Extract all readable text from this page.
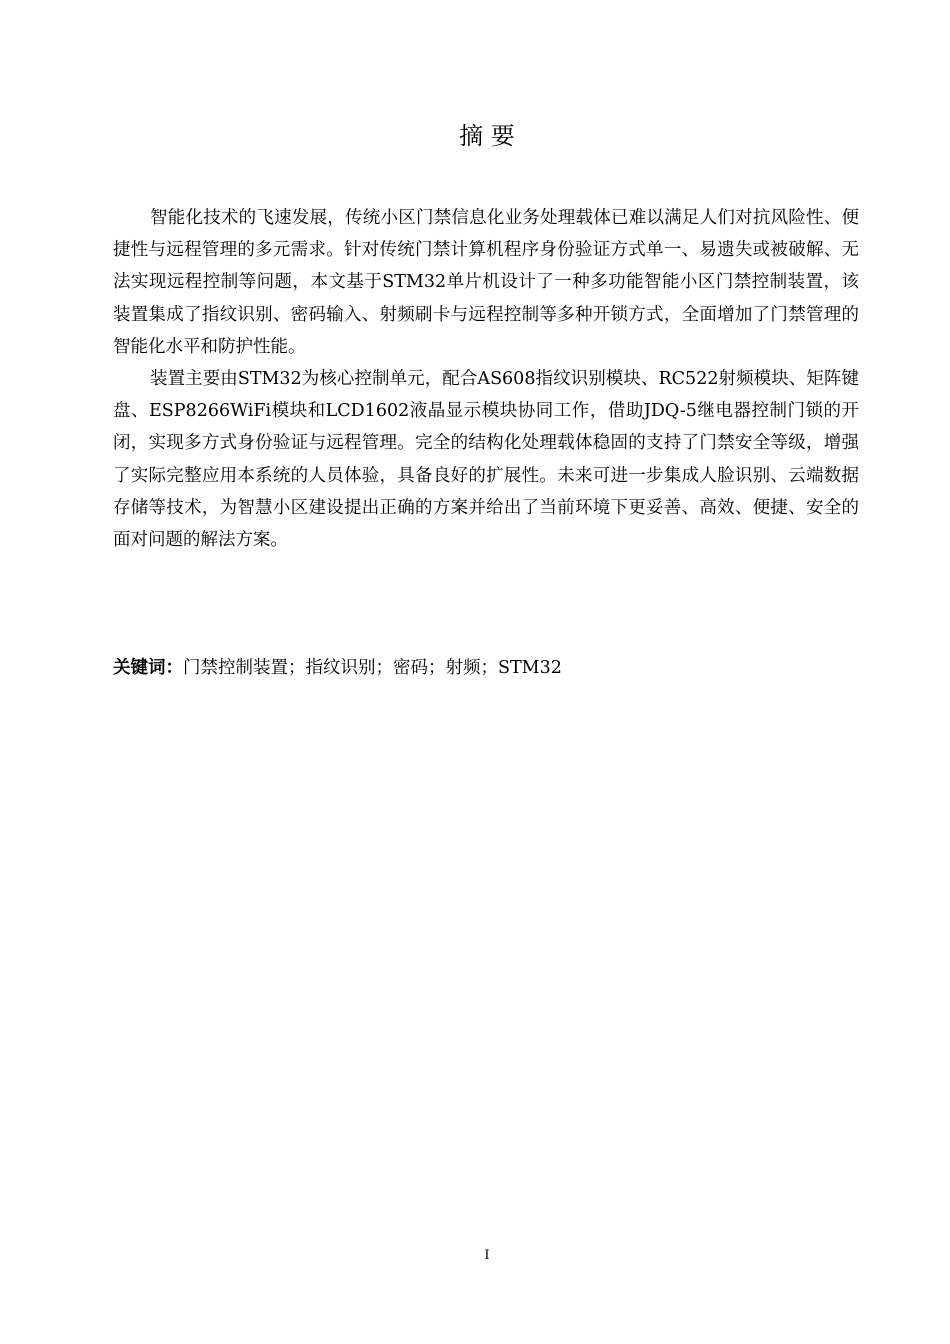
摘 要

智能化技术的飞速发展，传统小区门禁信息化业务处理载体已难以满足人们对抗风险性、便捷性与远程管理的多元需求。针对传统门禁计算机程序身份验证方式单一、易遗失或被破解、无法实现远程控制等问题，本文基于STM32单片机设计了一种多功能智能小区门禁控制装置，该装置集成了指纹识别、密码输入、射频刷卡与远程控制等多种开锁方式，全面增加了门禁管理的智能化水平和防护性能。

装置主要由STM32为核心控制单元，配合AS608指纹识别模块、RC522射频模块、矩阵键盘、ESP8266WiFi模块和LCD1602液晶显示模块协同工作，借助JDQ-5继电器控制门锁的开闭，实现多方式身份验证与远程管理。完全的结构化处理载体稳固的支持了门禁安全等级，增强了实际完整应用本系统的人员体验，具备良好的扩展性。未来可进一步集成人脸识别、云端数据存储等技术，为智慧小区建设提出正确的方案并给出了当前环境下更妥善、高效、便捷、安全的面对问题的解法方案。

关键词：门禁控制装置；指纹识别；密码；射频；STM32
I
